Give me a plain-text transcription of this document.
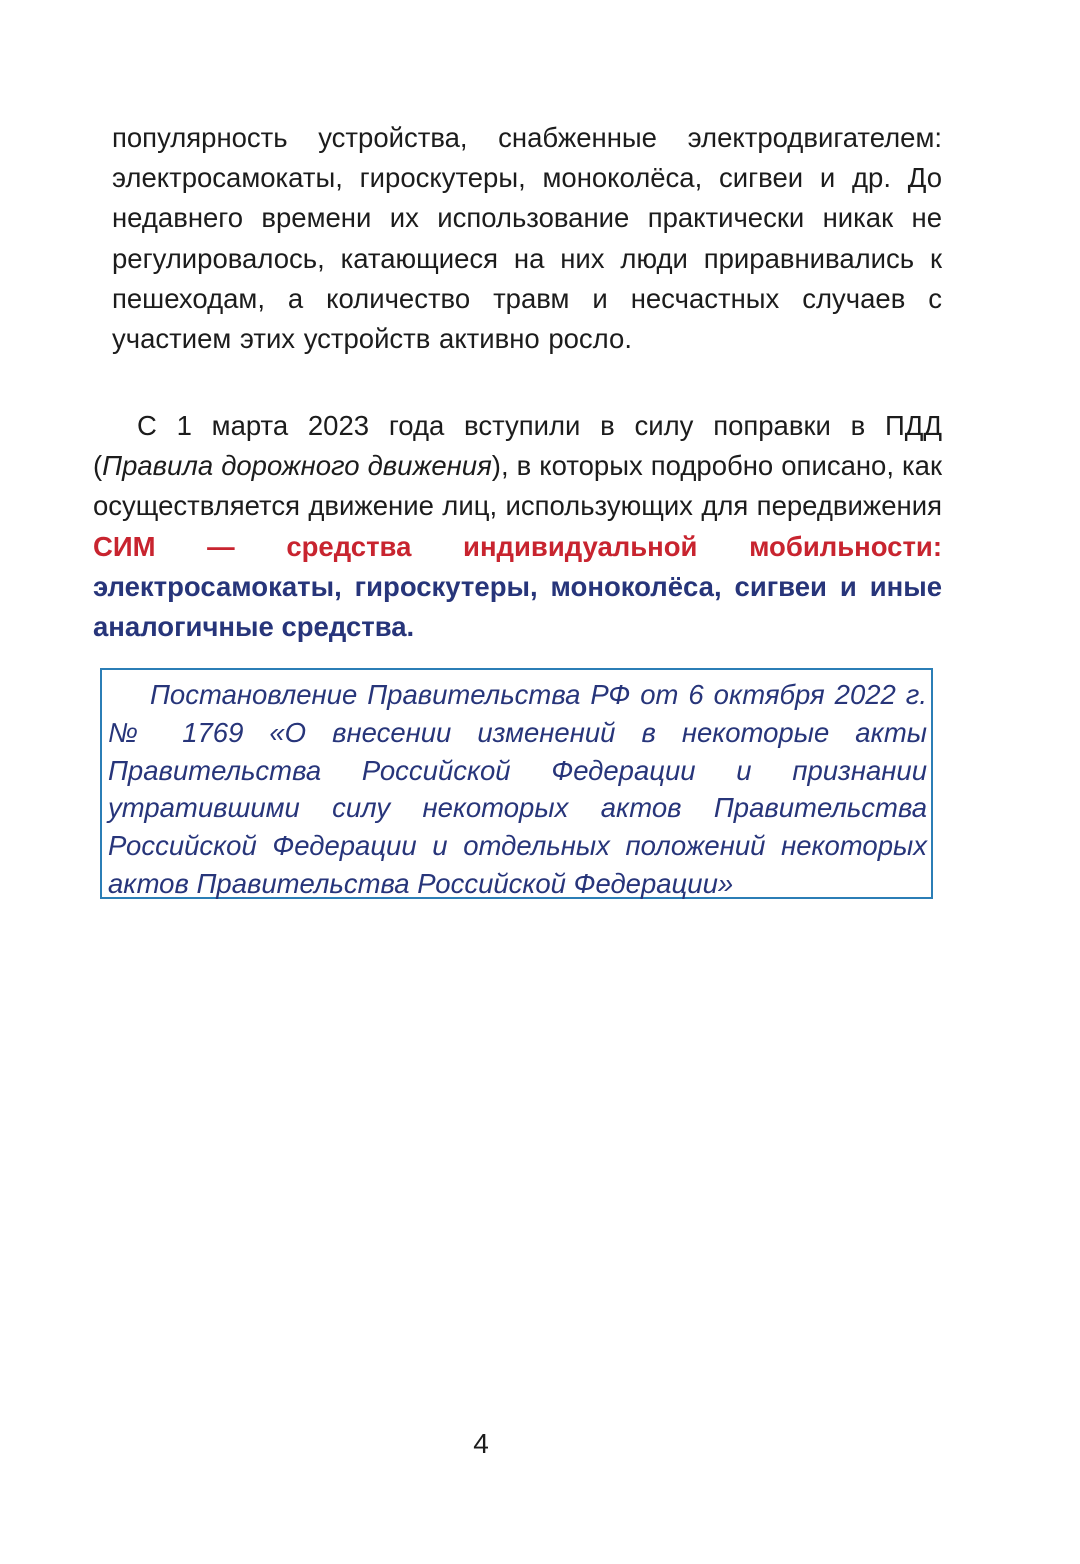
популярность устройства, снабженные электродвигателем: электросамокаты, гироскутеры, моноколёса, сигвеи и др. До недавнего времени их использование практически никак не регулировалось, катающиеся на них люди приравнивались к пешеходам, а количество травм и несчастных случаев с участием этих устройств активно росло.

С 1 марта 2023 года вступили в силу поправки в ПДД (Правила дорожного движения), в которых подробно описано, как осуществляется движение лиц, использующих для передвижения СИМ — средства индивидуальной мобильности: электросамокаты, гироскутеры, моноколёса, сигвеи и иные аналогичные средства.

Постановление Правительства РФ от 6 октября 2022 г. № 1769 «О внесении изменений в некоторые акты Правительства Российской Федерации и признании утратившими силу некоторых актов Правительства Российской Федерации и отдельных положений некоторых актов Правительства Российской Федерации»

4
